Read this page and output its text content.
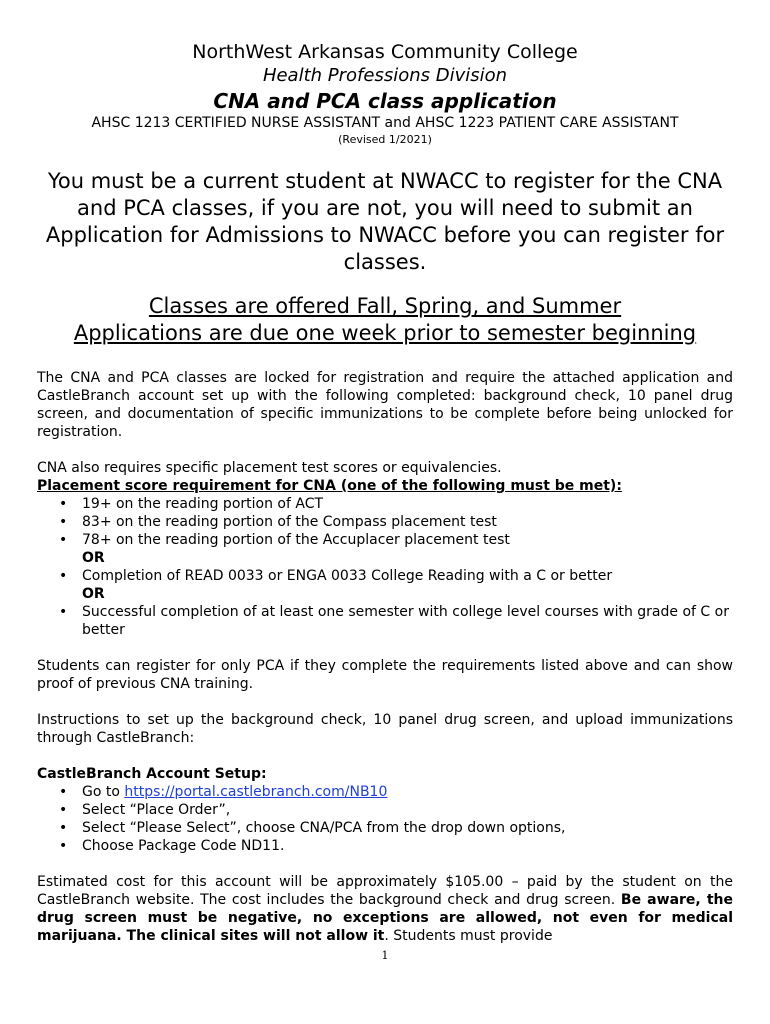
NorthWest Arkansas Community College

Health Professions Division

CNA and PCA class application

AHSC 1213 CERTIFIED NURSE ASSISTANT and AHSC 1223 PATIENT CARE ASSISTANT

(Revised 1/2021)

You must be a current student at NWACC to register for the CNA and PCA classes, if you are not, you will need to submit an Application for Admissions to NWACC before you can register for classes.

Classes are offered Fall, Spring, and Summer
Applications are due one week prior to semester beginning

The CNA and PCA classes are locked for registration and require the attached application and CastleBranch account set up with the following completed: background check, 10 panel drug screen, and documentation of specific immunizations to be complete before being unlocked for registration.

CNA also requires specific placement test scores or equivalencies.

Placement score requirement for CNA (one of the following must be met):

• 19+ on the reading portion of ACT
• 83+ on the reading portion of the Compass placement test
• 78+ on the reading portion of the Accuplacer placement test
OR
• Completion of READ 0033 or ENGA 0033 College Reading with a C or better
OR
• Successful completion of at least one semester with college level courses with grade of C or better

Students can register for only PCA if they complete the requirements listed above and can show proof of previous CNA training.

Instructions to set up the background check, 10 panel drug screen, and upload immunizations through CastleBranch:

CastleBranch Account Setup:

• Go to https://portal.castlebranch.com/NB10
• Select “Place Order”,
• Select “Please Select”, choose CNA/PCA from the drop down options,
• Choose Package Code ND11.

Estimated cost for this account will be approximately $105.00 – paid by the student on the CastleBranch website. The cost includes the background check and drug screen. Be aware, the drug screen must be negative, no exceptions are allowed, not even for medical marijuana. The clinical sites will not allow it. Students must provide

1
